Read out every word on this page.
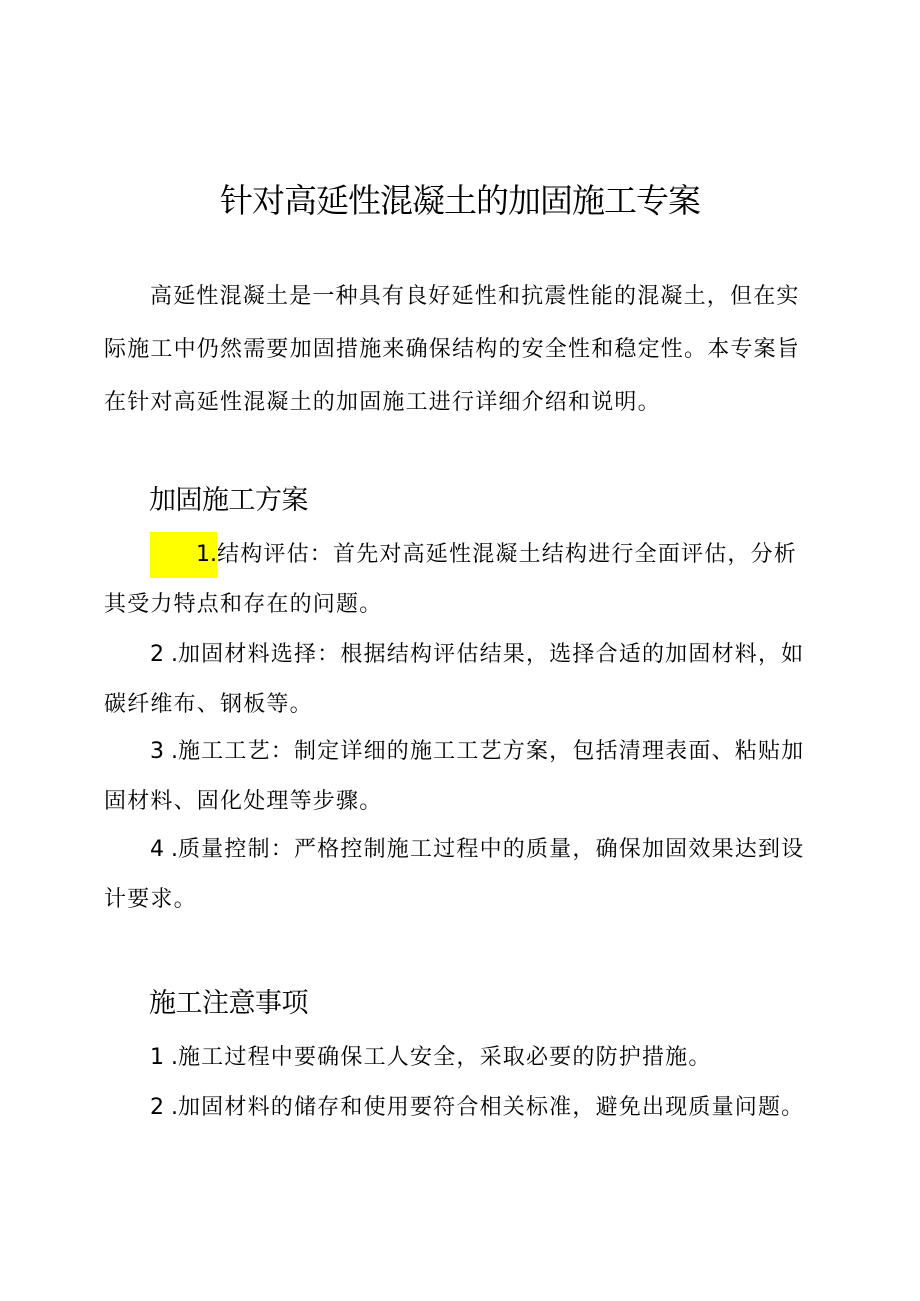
针对高延性混凝土的加固施工专案

高延性混凝土是一种具有良好延性和抗震性能的混凝土，但在实际施工中仍然需要加固措施来确保结构的安全性和稳定性。本专案旨在针对高延性混凝土的加固施工进行详细介绍和说明。

加固施工方案

1.结构评估：首先对高延性混凝土结构进行全面评估，分析其受力特点和存在的问题。

2 .加固材料选择：根据结构评估结果，选择合适的加固材料，如碳纤维布、钢板等。

3 .施工工艺：制定详细的施工工艺方案，包括清理表面、粘贴加固材料、固化处理等步骤。

4 .质量控制：严格控制施工过程中的质量，确保加固效果达到设计要求。

施工注意事项

1 .施工过程中要确保工人安全，采取必要的防护措施。

2 .加固材料的储存和使用要符合相关标准，避免出现质量问题。
